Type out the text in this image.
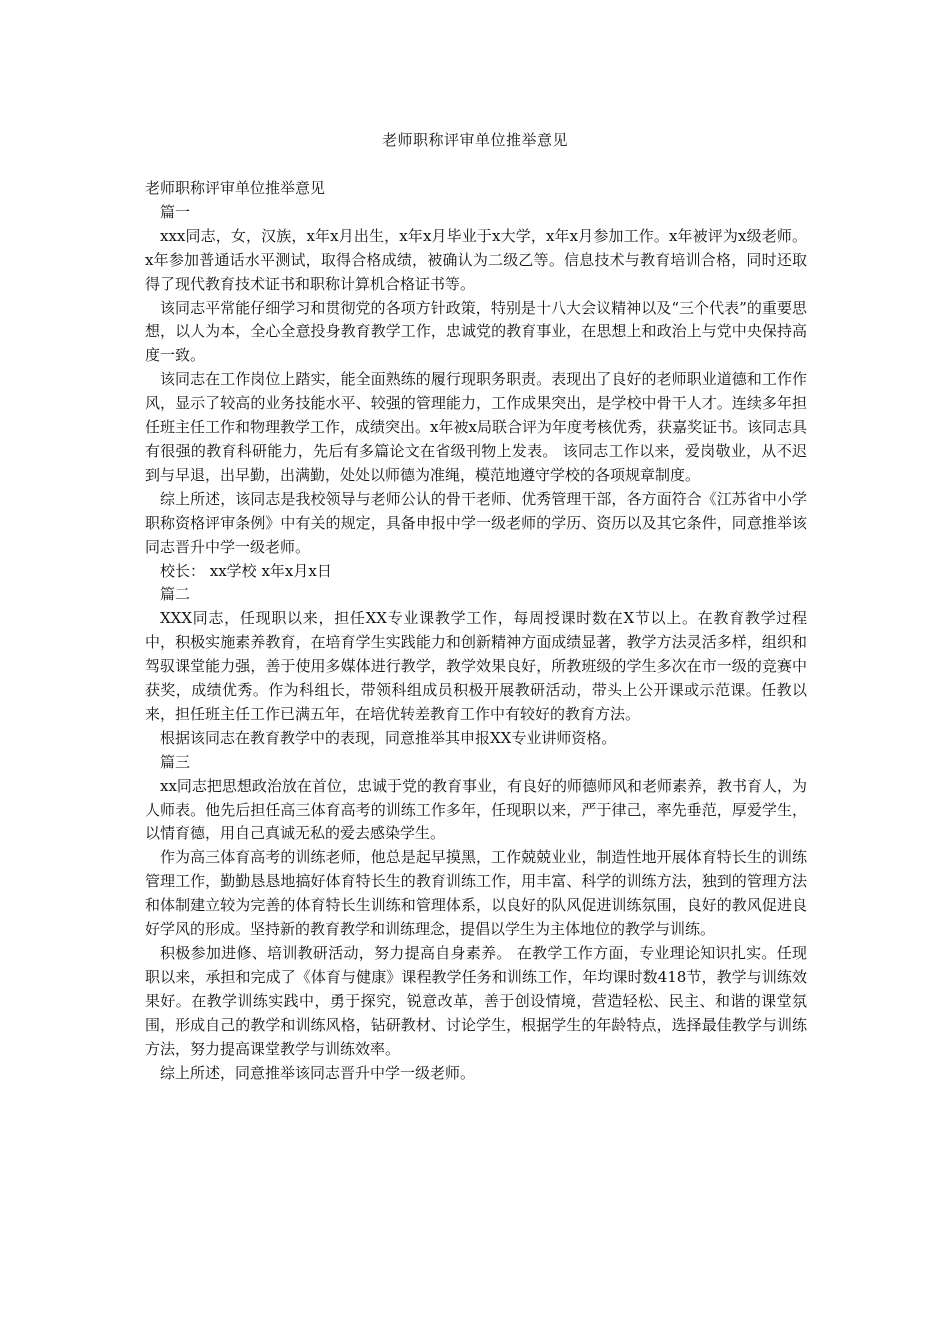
老师职称评审单位推举意见

老师职称评审单位推举意见

篇一

xxx同志，女，汉族，x年x月出生，x年x月毕业于x大学，x年x月参加工作。x年被评为x级老师。x年参加普通话水平测试，取得合格成绩，被确认为二级乙等。信息技术与教育培训合格，同时还取得了现代教育技术证书和职称计算机合格证书等。

该同志平常能仔细学习和贯彻党的各项方针政策，特别是十八大会议精神以及“三个代表”的重要思想，以人为本，全心全意投身教育教学工作，忠诚党的教育事业，在思想上和政治上与党中央保持高度一致。

该同志在工作岗位上踏实，能全面熟练的履行现职务职责。表现出了良好的老师职业道德和工作作风，显示了较高的业务技能水平、较强的管理能力，工作成果突出，是学校中骨干人才。连续多年担任班主任工作和物理教学工作，成绩突出。x年被x局联合评为年度考核优秀，获嘉奖证书。该同志具有很强的教育科研能力，先后有多篇论文在省级刊物上发表。 该同志工作以来，爱岗敬业，从不迟到与早退，出早勤，出满勤，处处以师德为准绳，模范地遵守学校的各项规章制度。

综上所述，该同志是我校领导与老师公认的骨干老师、优秀管理干部，各方面符合《江苏省中小学职称资格评审条例》中有关的规定，具备申报中学一级老师的学历、资历以及其它条件，同意推举该同志晋升中学一级老师。

校长： xx学校 x年x月x日

篇二

XXX同志，任现职以来，担任XX专业课教学工作，每周授课时数在X节以上。在教育教学过程中，积极实施素养教育，在培育学生实践能力和创新精神方面成绩显著，教学方法灵活多样，组织和驾驭课堂能力强，善于使用多媒体进行教学，教学效果良好，所教班级的学生多次在市一级的竞赛中获奖，成绩优秀。作为科组长，带领科组成员积极开展教研活动，带头上公开课或示范课。任教以来，担任班主任工作已满五年，在培优转差教育工作中有较好的教育方法。

根据该同志在教育教学中的表现，同意推举其申报XX专业讲师资格。

篇三

xx同志把思想政治放在首位，忠诚于党的教育事业，有良好的师德师风和老师素养，教书育人，为人师表。他先后担任高三体育高考的训练工作多年，任现职以来，严于律己，率先垂范，厚爱学生，以情育德，用自己真诚无私的爱去感染学生。

作为高三体育高考的训练老师，他总是起早摸黑，工作兢兢业业，制造性地开展体育特长生的训练管理工作，勤勤恳恳地搞好体育特长生的教育训练工作，用丰富、科学的训练方法，独到的管理方法和体制建立较为完善的体育特长生训练和管理体系，以良好的队风促进训练氛围，良好的教风促进良好学风的形成。坚持新的教育教学和训练理念，提倡以学生为主体地位的教学与训练。

积极参加进修、培训教研活动，努力提高自身素养。 在教学工作方面，专业理论知识扎实。任现职以来，承担和完成了《体育与健康》课程教学任务和训练工作，年均课时数418节，教学与训练效果好。在教学训练实践中，勇于探究，锐意改革，善于创设情境，营造轻松、民主、和谐的课堂氛围，形成自己的教学和训练风格，钻研教材、讨论学生，根据学生的年龄特点，选择最佳教学与训练方法，努力提高课堂教学与训练效率。

综上所述，同意推举该同志晋升中学一级老师。
